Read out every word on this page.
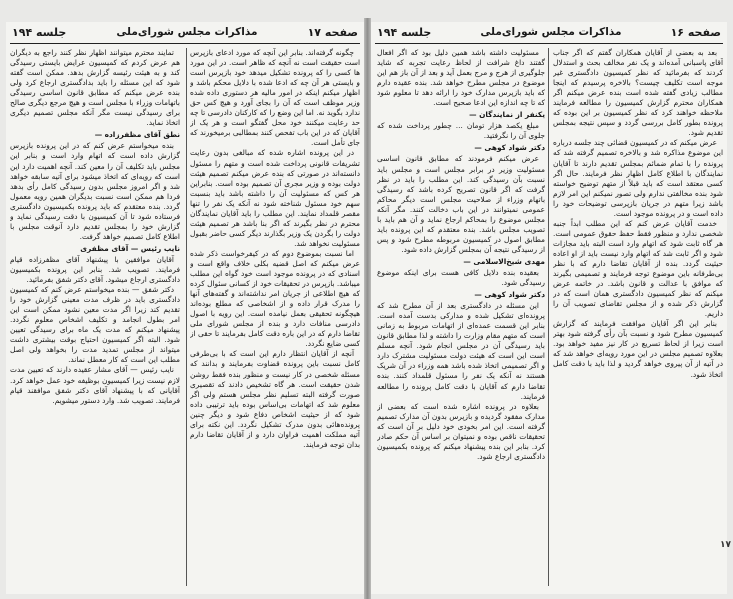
صفحه ۱۷
مذاکرات مجلس شورای‌ملی
جلسه ۱۹۴

چگونه گرفته‌اند. بنابر این آنچه که مورد ادعای بازپرس است حقیقت است نه آنچه که ظاهر است. در این مورد ها کسی را که پرونده تشکیل میدهد خود بازپرس است و بایستی هر آن چه که ادعا شده با دلایل محکم باشد و اظهار میکنم اینکه در امور مالیه هر دستوری داده شده وزیر موظف است که آن را بجای آورد و هیچ کس حق ندارد بگوید نه. اما این وضع را که کارکنان دادرسی تا چه حد رعایت میکنند خود محل گفتگو است و هر یک از آقایان که در این باب تفحص کنند بمطالبی برمیخورند که جای تأمل است.

در این پرونده اشاره شده که مبالغی بدون رعایت تشریفات قانونی پرداخت شده است و متهم را مسئول دانسته‌اند در صورتی که بنده عرض میکنم تصمیم هیئت دولت بوده و وزیر مجری آن تصمیم بوده است. بنابراین هر کس که مسئولیت آن را داشته باشد باید بنسبت سهم خود مسئول شناخته شود نه آنکه یک نفر را تنها مقصر قلمداد نمایند. این مطلب را باید آقایان نمایندگان محترم در نظر بگیرند که اگر بنا باشد هر تصمیم هیئت دولت را بگردن یک وزیر بگذارند دیگر کسی حاضر بقبول مسئولیت نخواهد شد.

اما نسبت بموضوع دوم که در کیفرخواست ذکر شده عرض میکنم که اصل قضیه بکلی خلاف واقع است و اسنادی که در پرونده موجود است خود گواه این مطلب میباشد. بازپرس در تحقیقات خود از کسانی سئوال کرده که هیچ اطلاعی از جریان امر نداشته‌اند و گفته‌های آنها را مدرک قرار داده و از اشخاصی که مطلع بوده‌اند هیچگونه تحقیقی بعمل نیامده است. این رویه با اصول دادرسی منافات دارد و بنده از مجلس شورای ملی تقاضا دارم که در این باره دقت کامل بفرمایند تا حقی از کسی ضایع نگردد.

آنچه از آقایان انتظار دارم این است که با بی‌طرفی کامل نسبت باین پرونده قضاوت بفرمایند و بدانند که مسئله شخصی در کار نیست و منظور بنده فقط روشن شدن حقیقت است. هر گاه تشخیص دادند که تقصیری صورت گرفته البته تسلیم نظر مجلس هستم ولی اگر معلوم شد که اتهامات بی‌اساس بوده باید ترتیبی داده شود که از حیثیت اشخاص دفاع شود و دیگر چنین پرونده‌هائی بدون مدرک تشکیل نگردد. این نکته برای آتیه مملکت اهمیت فراوان دارد و از آقایان تقاضا دارم بدان توجه فرمایند.

تمایند محترم میتوانند اظهار نظر کنند راجع به دیگران هم عرض کردم که کمیسیون عرایض بایستی رسیدگی کند و به هیئت رئیسه گزارش بدهد. ممکن است گفته شود که این مسئله را باید بدادگستری ارجاع کرد ولی بنده عرض میکنم که مطابق قانون اساسی رسیدگی باتهامات وزراء با مجلس است و هیچ مرجع دیگری صالح برای رسیدگی نیست مگر آنکه مجلس تصمیم دیگری اتخاذ نماید.

نطق آقای مظفرزاده —

بنده میخواستم عرض کنم که در این پرونده بازپرس گزارش داده است که اتهام وارد است و بنابر این مجلس باید تکلیف آن را معین کند. آنچه اهمیت دارد این است که رویه‌ای که اتخاذ میشود برای آتیه سابقه خواهد شد و اگر امروز مجلس بدون رسیدگی کامل رأی بدهد فردا هم ممکن است نسبت بدیگران همین رویه معمول گردد. بنده معتقدم که باید پرونده بکمیسیون دادگستری فرستاده شود تا آن کمیسیون با دقت رسیدگی نماید و گزارش خود را بمجلس تقدیم دارد آنوقت مجلس با اطلاع کامل تصمیم خواهد گرفت.

نایب رئیس — آقای مظفری

آقایان موافقین با پیشنهاد آقای مظفرزاده قیام فرمایند. تصویب شد. بنابر این پرونده بکمیسیون دادگستری ارجاع میشود. آقای دکتر شفق بفرمائید.

دکتر شفق — بنده میخواستم عرض کنم که کمیسیون دادگستری باید در ظرف مدت معینی گزارش خود را تقدیم کند زیرا اگر مدت معین نشود ممکن است این امر بطول انجامد و تکلیف اشخاص معلوم نگردد. پیشنهاد میکنم که مدت یک ماه برای رسیدگی تعیین شود. البته اگر کمیسیون احتیاج بوقت بیشتری داشت میتواند از مجلس تمدید مدت را بخواهد ولی اصل مطلب این است که کار معطل نماند.

نایب رئیس — آقای مشار عقیده دارند که تعیین مدت لازم نیست زیرا کمیسیون بوظیفه خود عمل خواهد کرد. آقایانی که با پیشنهاد آقای دکتر شفق موافقند قیام فرمایند. تصویب شد. وارد دستور میشویم.

صفحه ۱۶
مذاکرات مجلس شورای‌ملی
جلسه ۱۹۴

مسئولیت داشته باشد همین دلیل بود که اگر افعال گفتند داغ شرافت از لحاظ رعایت تجربه که شاید جلوگیری از هرج و مرج بعمل آید و بعد از آن باز هم این موضوع در مجلس مطرح خواهد شد. بنده عقیده دارم که باید بازپرس مدارک خود را ارائه دهد تا معلوم شود که تا چه اندازه این ادعا صحیح است.

یکنفر از نمایندگان —

مبلغ یکصد هزار تومان ... چطور پرداخت شده که جلوی آن را نگرفتید.

دکتر شواد کوهی —

عرض میکنم فرمودند که مطابق قانون اساسی مسئولیت وزیر در برابر مجلس است و مجلس باید نسبت بآن رسیدگی کند. این مطلب را باید در نظر گرفت که اگر قانون تصریح کرده باشد که رسیدگی باتهام وزراء از صلاحیت مجلس است دیگر محاکم عمومی نمیتوانند در این باب دخالت کنند. مگر آنکه مجلس موضوع را بمحاکم ارجاع نماید و آن هم باید با تصویب مجلس باشد. بنده معتقدم که این پرونده باید مطابق اصول در کمیسیون مربوطه مطرح شود و پس از رسیدگی نتیجه آن بمجلس گزارش داده شود.

مهدی شیخ‌الاسلامی —

بعقیده بنده دلایل کافی هست برای اینکه موضوع رسیدگی شود.

دکتر شواد کوهی —

این مسئله در دادگستری بعد از آن مطرح شد که پرونده‌ای تشکیل شده و مدارکی بدست آمده است. بنابر این قسمت عمده‌ای از اتهامات مربوط به زمانی است که متهم مقام وزارت را داشته و لذا مطابق قانون باید رسیدگی آن در مجلس انجام شود. آنچه مسلم است این است که هیئت دولت مسئولیت مشترک دارد و اگر تصمیمی اتخاذ شده باشد همه وزراء در آن شریک هستند نه آنکه یک نفر را مسئول قلمداد کنند. بنده تقاضا دارم که آقایان با دقت کامل پرونده را مطالعه فرمایند.

بعلاوه در پرونده اشاره شده است که بعضی از مدارک مفقود گردیده و بازپرس بدون آن مدارک تصمیم گرفته است. این امر بخودی خود دلیل بر آن است که تحقیقات ناقص بوده و نمیتوان بر اساس آن حکم صادر کرد. بنابر این بنده پیشنهاد میکنم که پرونده بکمیسیون دادگستری ارجاع شود.

بعد به بعضی از آقایان همکاران گفتم که اگر جناب آقای پاسبانی آمده‌اند و یک نفر مخالف بحث و استدلال کردند که بفرمائید که نظر کمیسیون دادگستری غیر موجه است تکلیف چیست؟ بالاخره پرسیدم که اینجا مطالب زیادی گفته شده است بنده عرض میکنم اگر همکاران محترم گزارش کمیسیون را مطالعه فرمایند ملاحظه خواهند کرد که نظر کمیسیون بر این بوده که پرونده بطور کامل بررسی گردد و سپس نتیجه بمجلس تقدیم شود.

عرض میکنم که در کمیسیون قضائی چند جلسه درباره این موضوع مذاکره شد و بالاخره تصمیم گرفته شد که پرونده را با تمام ضمائم بمجلس تقدیم دارند تا آقایان نمایندگان با اطلاع کامل اظهار نظر فرمایند. حال اگر کسی معتقد است که باید قبلاً از متهم توضیح خواسته شود بنده مخالفتی ندارم ولی تصور نمیکنم این امر لازم باشد زیرا متهم در جریان بازپرسی توضیحات خود را داده است و در پرونده موجود است.

خدمت آقایان عرض کنم که این مطلب ابداً جنبه شخصی ندارد و منظور فقط حفظ حقوق عمومی است. هر گاه ثابت شود که اتهام وارد است البته باید مجازات شود و اگر ثابت شد که اتهام وارد نیست باید از او اعاده حیثیت گردد. بنده از آقایان تقاضا دارم که با نظر بی‌طرفانه باین موضوع توجه فرمایند و تصمیمی بگیرند که موافق با عدالت و قانون باشد. در خاتمه عرض میکنم که نظر کمیسیون دادگستری همان است که در گزارش ذکر شده و از مجلس تقاضای تصویب آن را داریم.

بنابر این اگر آقایان موافقت فرمایند که گزارش کمیسیون مطرح شود و نسبت بآن رأی گرفته شود بهتر است زیرا از لحاظ تسریع در کار نیز مفید خواهد بود. بعلاوه تصمیم مجلس در این مورد رویه‌ای خواهد شد که در آتیه از آن پیروی خواهد گردید و لذا باید با دقت کامل اتخاذ شود.

۱۷
